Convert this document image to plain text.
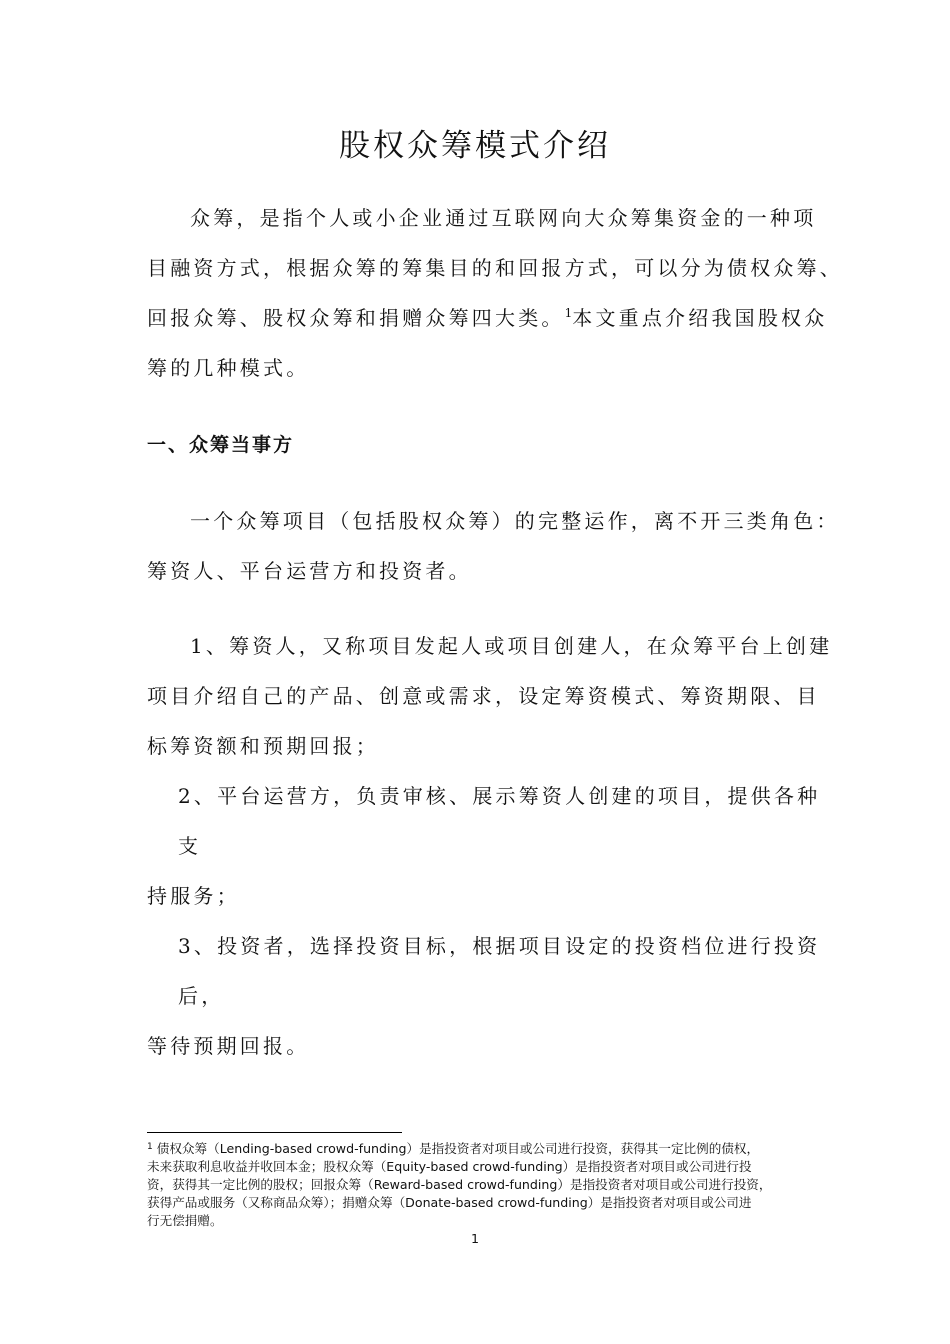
股权众筹模式介绍
众筹，是指个人或小企业通过互联网向大众筹集资金的一种项
目融资方式，根据众筹的筹集目的和回报方式，可以分为债权众筹、
回报众筹、股权众筹和捐赠众筹四大类。$^1$本文重点介绍我国股权众
筹的几种模式。
一、众筹当事方
一个众筹项目（包括股权众筹）的完整运作，离不开三类角色：
筹资人、平台运营方和投资者。
1、筹资人，又称项目发起人或项目创建人，在众筹平台上创建
项目介绍自己的产品、创意或需求，设定筹资模式、筹资期限、目
标筹资额和预期回报；
2、平台运营方，负责审核、展示筹资人创建的项目，提供各种
支
持服务；
3、投资者，选择投资目标，根据项目设定的投资档位进行投资
后，
等待预期回报。
$^1$ 债权众筹（Lending-based crowd-funding）是指投资者对项目或公司进行投资，获得其一定比例的债权，
未来获取利息收益并收回本金；股权众筹（Equity-based crowd-funding）是指投资者对项目或公司进行投
资，获得其一定比例的股权；回报众筹（Reward-based crowd-funding）是指投资者对项目或公司进行投资，
获得产品或服务（又称商品众筹）；捐赠众筹（Donate-based crowd-funding）是指投资者对项目或公司进
行无偿捐赠。
1
